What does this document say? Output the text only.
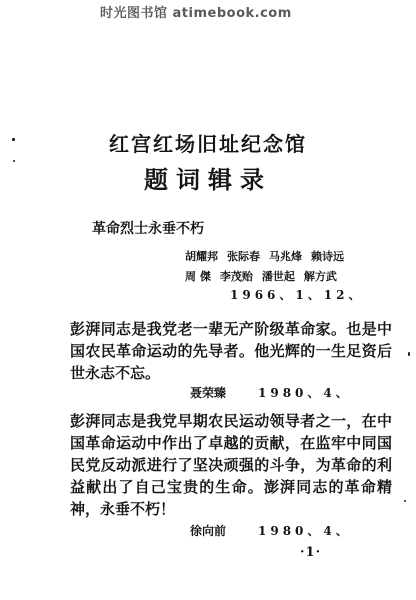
时光图书馆 atimebook.com
红宫红场旧址纪念馆
题词辑录
革命烈士永垂不朽
胡耀邦 张际春 马兆烽 赖诗远
周 傑 李茂贻 潘世起 解方武
1966、1、12、
彭湃同志是我党老一辈无产阶级革命家。也是中国农民革命运动的先导者。他光辉的一生足资后世永志不忘。
聂荣臻	1980、4、
彭湃同志是我党早期农民运动领导者之一，在中国革命运动中作出了卓越的贡献，在监牢中同国民党反动派进行了坚决顽强的斗争，为革命的利益献出了自己宝贵的生命。澎湃同志的革命精神，永垂不朽！
徐向前	1980、4、
·1·
